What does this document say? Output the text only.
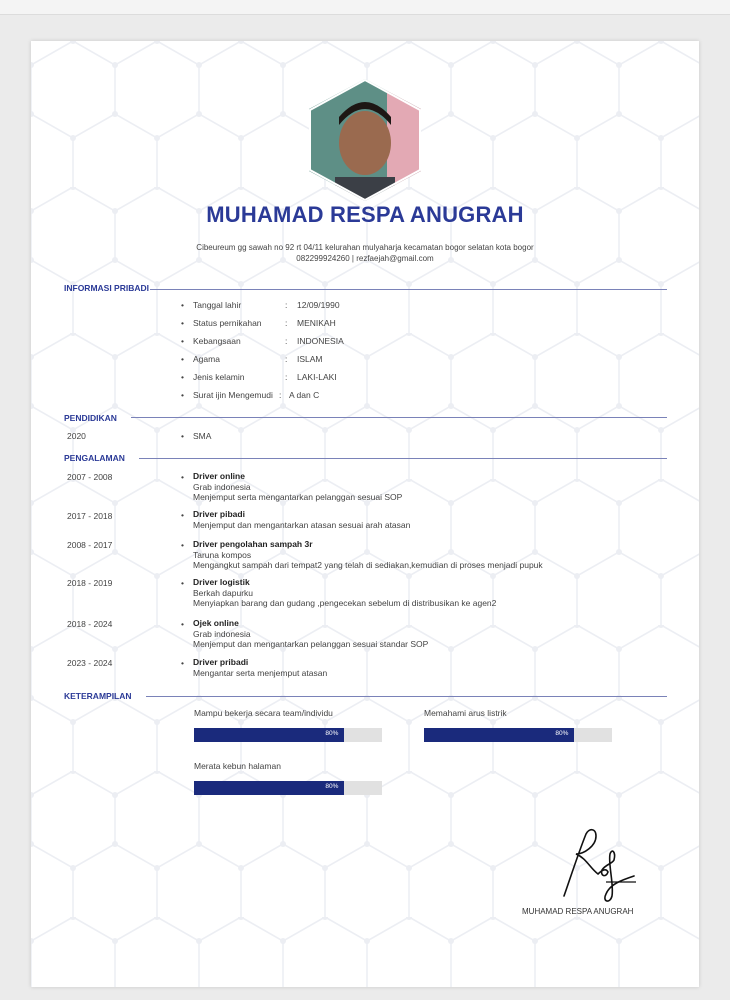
MUHAMAD RESPA ANUGRAH
Cibeureum gg sawah no 92 rt 04/11 kelurahan mulyaharja kecamatan bogor selatan kota bogor
082299924260 | rezfaejah@gmail.com
INFORMASI PRIBADI
• Tanggal lahir	: 12/09/1990
• Status pernikahan	: MENIKAH
• Kebangsaan	: INDONESIA
• Agama	: ISLAM
• Jenis kelamin	: LAKI-LAKI
• Surat ijin Mengemudi : A dan C
PENDIDIKAN
2020	• SMA
PENGALAMAN
2007 - 2008	• Driver online
Grab indonesia
Menjemput serta mengantarkan pelanggan sesuai SOP
2017 - 2018	• Driver pibadi
Menjemput dan mengantarkan atasan sesuai arah atasan
2008 - 2017	• Driver pengolahan sampah 3r
Taruna kompos
Mengangkut sampah dari tempat2 yang telah di sediakan,kemudian di proses menjadi pupuk
2018 - 2019	• Driver logistik
Berkah dapurku
Menyiapkan barang dan gudang ,pengecekan sebelum di distribusikan ke agen2
2018 - 2024	• Ojek online
Grab indonesia
Menjemput dan mengantarkan pelanggan sesuai standar SOP
2023 - 2024	• Driver pribadi
Mengantar serta menjemput atasan
KETERAMPILAN
Mampu bekerja secara team/individu
80%
Memahami arus listrik
80%
Merata kebun halaman
80%
MUHAMAD RESPA ANUGRAH
